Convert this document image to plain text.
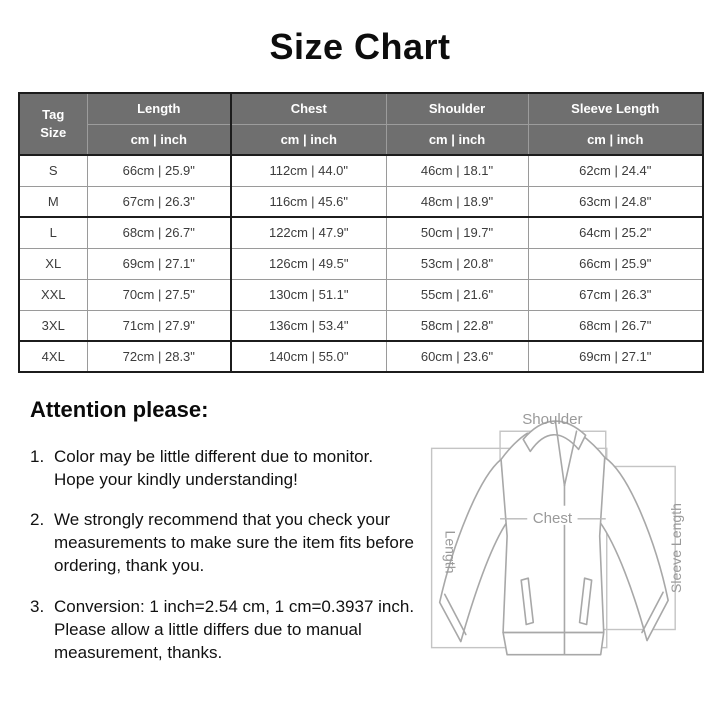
Size Chart
Tag Size	Length	Chest	Shoulder	Sleeve Length
	cm | inch	cm | inch	cm | inch	cm | inch
S	66cm | 25.9"	112cm | 44.0"	46cm | 18.1"	62cm | 24.4"
M	67cm | 26.3"	116cm | 45.6"	48cm | 18.9"	63cm | 24.8"
L	68cm | 26.7"	122cm | 47.9"	50cm | 19.7"	64cm | 25.2"
XL	69cm | 27.1"	126cm | 49.5"	53cm | 20.8"	66cm | 25.9"
XXL	70cm | 27.5"	130cm | 51.1"	55cm | 21.6"	67cm | 26.3"
3XL	71cm | 27.9"	136cm | 53.4"	58cm | 22.8"	68cm | 26.7"
4XL	72cm | 28.3"	140cm | 55.0"	60cm | 23.6"	69cm | 27.1"
Attention please:
1. Color may be little different due to monitor. Hope your kindly understanding!
2. We strongly recommend that you check your measurements to make sure the item fits before ordering, thank you.
3. Conversion: 1 inch=2.54 cm, 1 cm=0.3937 inch. Please allow a little differs due to manual measurement, thanks.
Shoulder
Chest
Length	Sleeve Length
